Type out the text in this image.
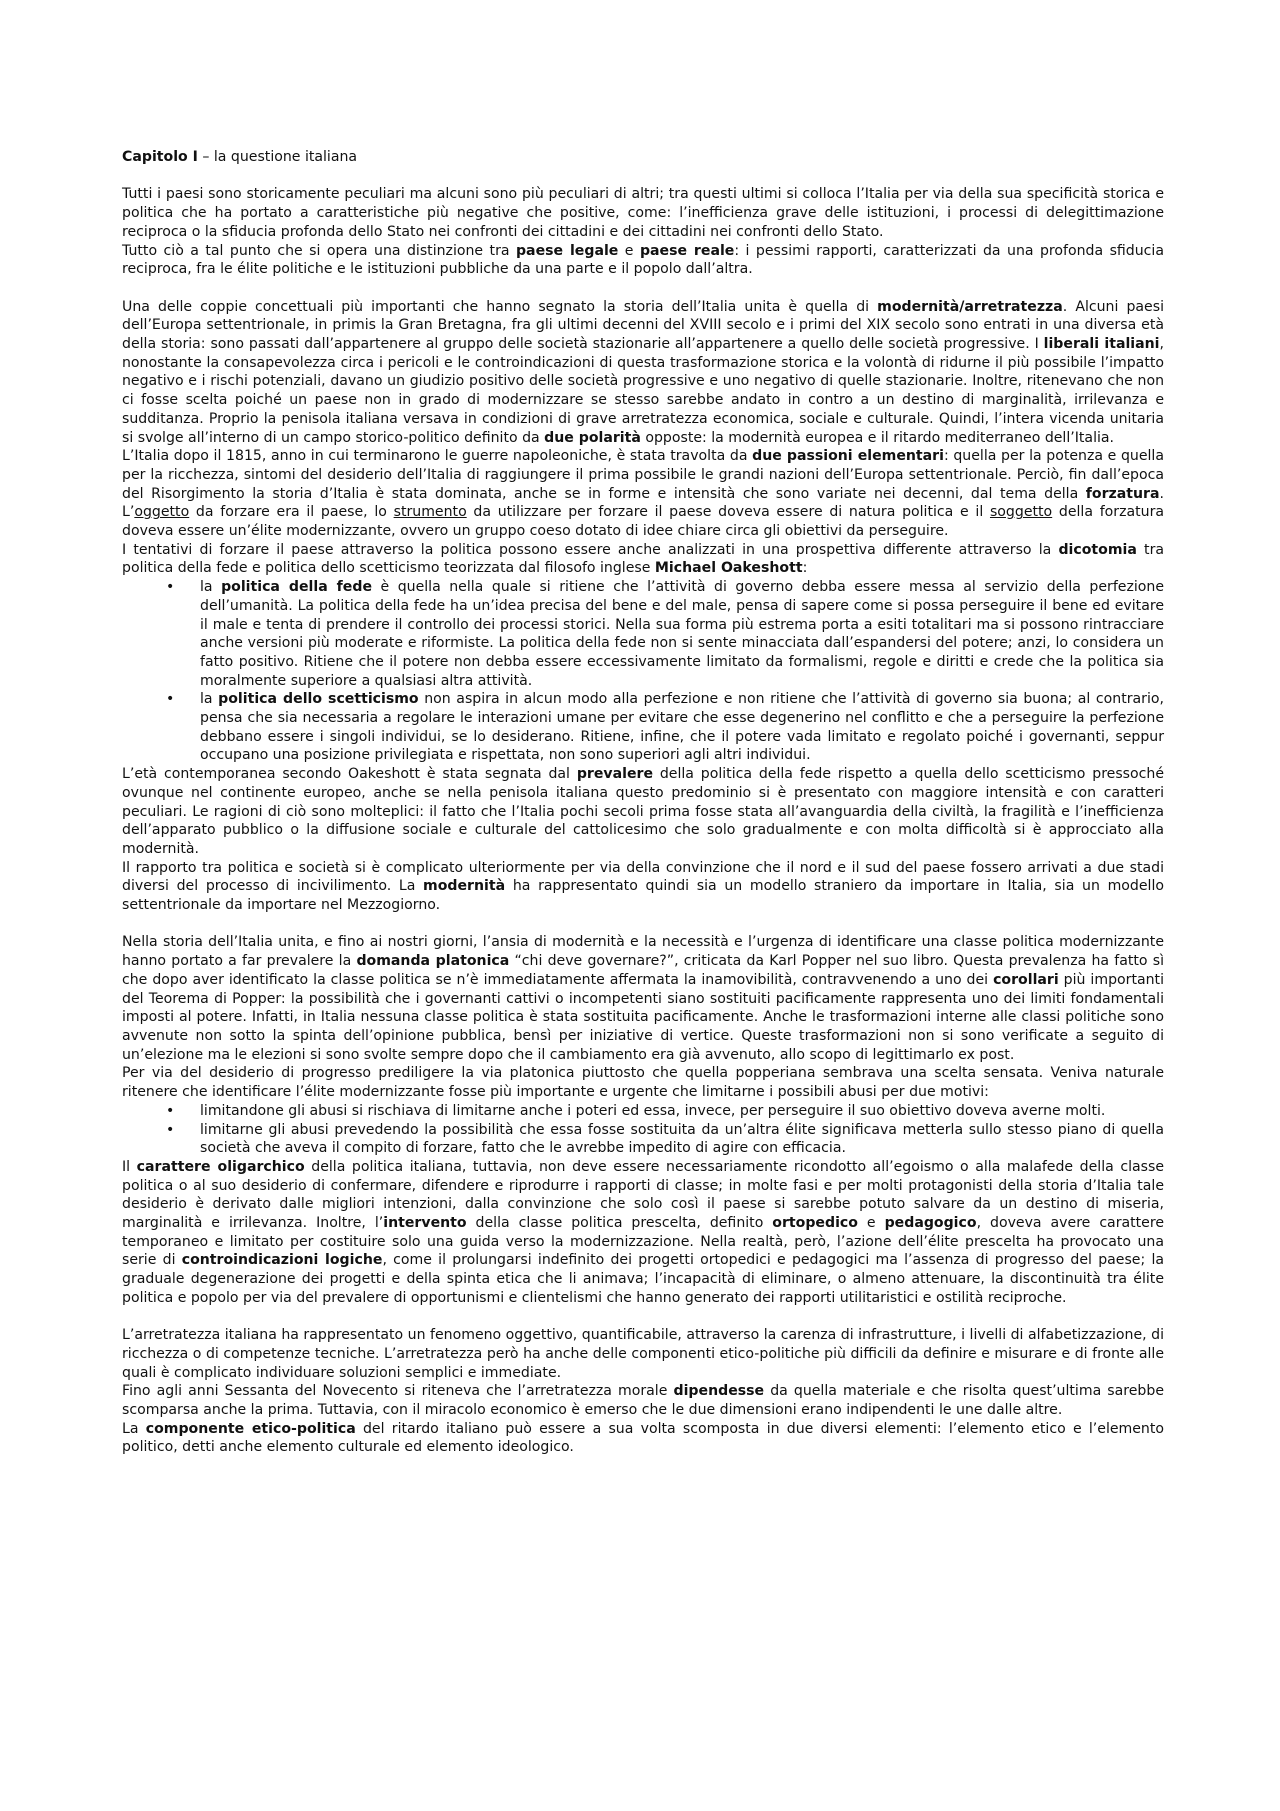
Capitolo I – la questione italiana

Tutti i paesi sono storicamente peculiari ma alcuni sono più peculiari di altri; tra questi ultimi si colloca l’Italia per via della sua specificità storica e politica che ha portato a caratteristiche più negative che positive, come: l’inefficienza grave delle istituzioni, i processi di delegittimazione reciproca o la sfiducia profonda dello Stato nei confronti dei cittadini e dei cittadini nei confronti dello Stato.

Tutto ciò a tal punto che si opera una distinzione tra paese legale e paese reale: i pessimi rapporti, caratterizzati da una profonda sfiducia reciproca, fra le élite politiche e le istituzioni pubbliche da una parte e il popolo dall’altra.

Una delle coppie concettuali più importanti che hanno segnato la storia dell’Italia unita è quella di modernità/arretratezza. Alcuni paesi dell’Europa settentrionale, in primis la Gran Bretagna, fra gli ultimi decenni del XVIII secolo e i primi del XIX secolo sono entrati in una diversa età della storia: sono passati dall’appartenere al gruppo delle società stazionarie all’appartenere a quello delle società progressive. I liberali italiani, nonostante la consapevolezza circa i pericoli e le controindicazioni di questa trasformazione storica e la volontà di ridurne il più possibile l’impatto negativo e i rischi potenziali, davano un giudizio positivo delle società progressive e uno negativo di quelle stazionarie. Inoltre, ritenevano che non ci fosse scelta poiché un paese non in grado di modernizzare se stesso sarebbe andato in contro a un destino di marginalità, irrilevanza e sudditanza. Proprio la penisola italiana versava in condizioni di grave arretratezza economica, sociale e culturale. Quindi, l’intera vicenda unitaria si svolge all’interno di un campo storico-politico definito da due polarità opposte: la modernità europea e il ritardo mediterraneo dell’Italia.

L’Italia dopo il 1815, anno in cui terminarono le guerre napoleoniche, è stata travolta da due passioni elementari: quella per la potenza e quella per la ricchezza, sintomi del desiderio dell’Italia di raggiungere il prima possibile le grandi nazioni dell’Europa settentrionale. Perciò, fin dall’epoca del Risorgimento la storia d’Italia è stata dominata, anche se in forme e intensità che sono variate nei decenni, dal tema della forzatura. L’oggetto da forzare era il paese, lo strumento da utilizzare per forzare il paese doveva essere di natura politica e il soggetto della forzatura doveva essere un’élite modernizzante, ovvero un gruppo coeso dotato di idee chiare circa gli obiettivi da perseguire.

I tentativi di forzare il paese attraverso la politica possono essere anche analizzati in una prospettiva differente attraverso la dicotomia tra politica della fede e politica dello scetticismo teorizzata dal filosofo inglese Michael Oakeshott:

• la politica della fede è quella nella quale si ritiene che l’attività di governo debba essere messa al servizio della perfezione dell’umanità. La politica della fede ha un’idea precisa del bene e del male, pensa di sapere come si possa perseguire il bene ed evitare il male e tenta di prendere il controllo dei processi storici. Nella sua forma più estrema porta a esiti totalitari ma si possono rintracciare anche versioni più moderate e riformiste. La politica della fede non si sente minacciata dall’espandersi del potere; anzi, lo considera un fatto positivo. Ritiene che il potere non debba essere eccessivamente limitato da formalismi, regole e diritti e crede che la politica sia moralmente superiore a qualsiasi altra attività.
• la politica dello scetticismo non aspira in alcun modo alla perfezione e non ritiene che l’attività di governo sia buona; al contrario, pensa che sia necessaria a regolare le interazioni umane per evitare che esse degenerino nel conflitto e che a perseguire la perfezione debbano essere i singoli individui, se lo desiderano. Ritiene, infine, che il potere vada limitato e regolato poiché i governanti, seppur occupano una posizione privilegiata e rispettata, non sono superiori agli altri individui.

L’età contemporanea secondo Oakeshott è stata segnata dal prevalere della politica della fede rispetto a quella dello scetticismo pressoché ovunque nel continente europeo, anche se nella penisola italiana questo predominio si è presentato con maggiore intensità e con caratteri peculiari. Le ragioni di ciò sono molteplici: il fatto che l’Italia pochi secoli prima fosse stata all’avanguardia della civiltà, la fragilità e l’inefficienza dell’apparato pubblico o la diffusione sociale e culturale del cattolicesimo che solo gradualmente e con molta difficoltà si è approcciato alla modernità.

Il rapporto tra politica e società si è complicato ulteriormente per via della convinzione che il nord e il sud del paese fossero arrivati a due stadi diversi del processo di incivilimento. La modernità ha rappresentato quindi sia un modello straniero da importare in Italia, sia un modello settentrionale da importare nel Mezzogiorno.

Nella storia dell’Italia unita, e fino ai nostri giorni, l’ansia di modernità e la necessità e l’urgenza di identificare una classe politica modernizzante hanno portato a far prevalere la domanda platonica “chi deve governare?”, criticata da Karl Popper nel suo libro. Questa prevalenza ha fatto sì che dopo aver identificato la classe politica se n’è immediatamente affermata la inamovibilità, contravvenendo a uno dei corollari più importanti del Teorema di Popper: la possibilità che i governanti cattivi o incompetenti siano sostituiti pacificamente rappresenta uno dei limiti fondamentali imposti al potere. Infatti, in Italia nessuna classe politica è stata sostituita pacificamente. Anche le trasformazioni interne alle classi politiche sono avvenute non sotto la spinta dell’opinione pubblica, bensì per iniziative di vertice. Queste trasformazioni non si sono verificate a seguito di un’elezione ma le elezioni si sono svolte sempre dopo che il cambiamento era già avvenuto, allo scopo di legittimarlo ex post.

Per via del desiderio di progresso prediligere la via platonica piuttosto che quella popperiana sembrava una scelta sensata. Veniva naturale ritenere che identificare l’élite modernizzante fosse più importante e urgente che limitarne i possibili abusi per due motivi:

• limitandone gli abusi si rischiava di limitarne anche i poteri ed essa, invece, per perseguire il suo obiettivo doveva averne molti.
• limitarne gli abusi prevedendo la possibilità che essa fosse sostituita da un’altra élite significava metterla sullo stesso piano di quella società che aveva il compito di forzare, fatto che le avrebbe impedito di agire con efficacia.

Il carattere oligarchico della politica italiana, tuttavia, non deve essere necessariamente ricondotto all’egoismo o alla malafede della classe politica o al suo desiderio di confermare, difendere e riprodurre i rapporti di classe; in molte fasi e per molti protagonisti della storia d’Italia tale desiderio è derivato dalle migliori intenzioni, dalla convinzione che solo così il paese si sarebbe potuto salvare da un destino di miseria, marginalità e irrilevanza. Inoltre, l’intervento della classe politica prescelta, definito ortopedico e pedagogico, doveva avere carattere temporaneo e limitato per costituire solo una guida verso la modernizzazione. Nella realtà, però, l’azione dell’élite prescelta ha provocato una serie di controindicazioni logiche, come il prolungarsi indefinito dei progetti ortopedici e pedagogici ma l’assenza di progresso del paese; la graduale degenerazione dei progetti e della spinta etica che li animava; l’incapacità di eliminare, o almeno attenuare, la discontinuità tra élite politica e popolo per via del prevalere di opportunismi e clientelismi che hanno generato dei rapporti utilitaristici e ostilità reciproche.

L’arretratezza italiana ha rappresentato un fenomeno oggettivo, quantificabile, attraverso la carenza di infrastrutture, i livelli di alfabetizzazione, di ricchezza o di competenze tecniche. L’arretratezza però ha anche delle componenti etico-politiche più difficili da definire e misurare e di fronte alle quali è complicato individuare soluzioni semplici e immediate.

Fino agli anni Sessanta del Novecento si riteneva che l’arretratezza morale dipendesse da quella materiale e che risolta quest’ultima sarebbe scomparsa anche la prima. Tuttavia, con il miracolo economico è emerso che le due dimensioni erano indipendenti le une dalle altre.

La componente etico-politica del ritardo italiano può essere a sua volta scomposta in due diversi elementi: l’elemento etico e l’elemento politico, detti anche elemento culturale ed elemento ideologico.
